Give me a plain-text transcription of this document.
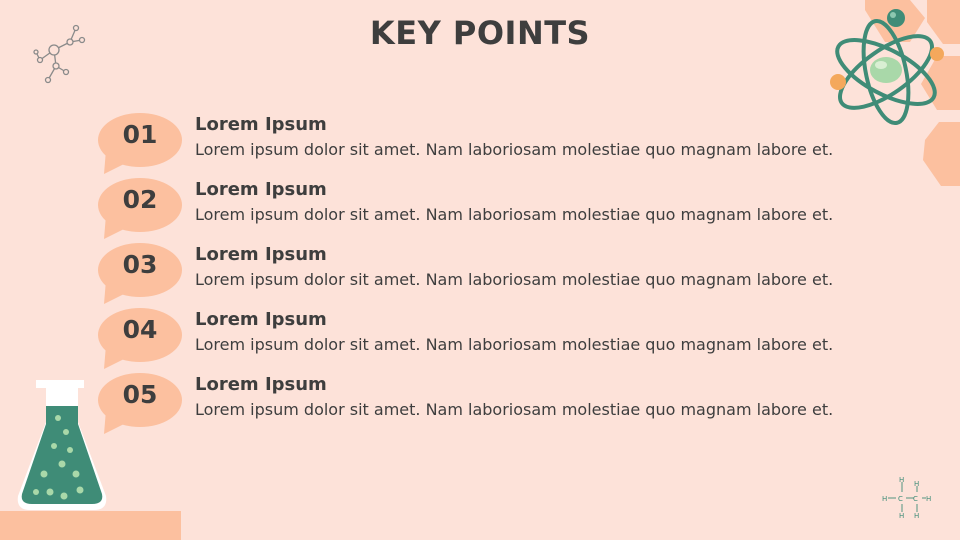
H C C H
H
H
H
H
KEY POINTS
01	Lorem Ipsum
Lorem ipsum dolor sit amet. Nam laboriosam molestiae quo magnam labore et.
02	Lorem Ipsum
Lorem ipsum dolor sit amet. Nam laboriosam molestiae quo magnam labore et.
03	Lorem Ipsum
Lorem ipsum dolor sit amet. Nam laboriosam molestiae quo magnam labore et.
04	Lorem Ipsum
Lorem ipsum dolor sit amet. Nam laboriosam molestiae quo magnam labore et.
05	Lorem Ipsum
Lorem ipsum dolor sit amet. Nam laboriosam molestiae quo magnam labore et.
